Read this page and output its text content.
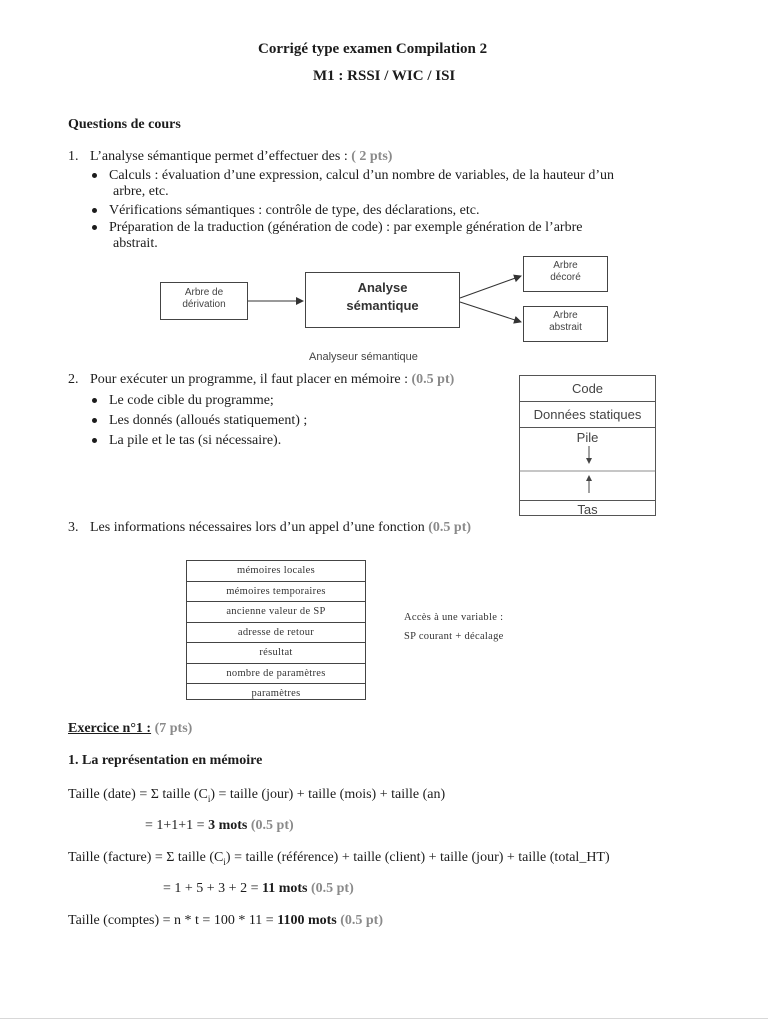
Corrigé type examen Compilation 2
M1 : RSSI / WIC / ISI
Questions de cours
1. L’analyse sémantique permet d’effectuer des : ( 2 pts)
Calculs : évaluation d’une expression, calcul d’un nombre de variables, de la hauteur d’un
arbre, etc.
Vérifications sémantiques : contrôle de type, des déclarations, etc.
Préparation de la traduction (génération de code) : par exemple génération de l’arbre
abstrait.
Arbre de
dérivation
Analyse
sémantique
Arbre
décoré
Arbre
abstrait
Analyseur sémantique
2. Pour exécuter un programme, il faut placer en mémoire : (0.5 pt)
Le code cible du programme;
Les donnés (alloués statiquement) ;
La pile et le tas (si nécessaire).
Code
Données statiques
Pile
Tas
3. Les informations nécessaires lors d’un appel d’une fonction (0.5 pt)
mémoires locales
mémoires temporaires
ancienne valeur de SP
adresse de retour
résultat
nombre de paramètres
paramètres
Accès à une variable :
SP courant + décalage
Exercice n°1 : (7 pts)
1. La représentation en mémoire
Taille (date) = Σ taille $(C_i)$ = taille (jour) + taille (mois) + taille (an)
= 1+1+1 = 3 mots (0.5 pt)
Taille (facture) = Σ taille $(C_i)$ = taille (référence) + taille (client) + taille (jour) + taille (total_HT)
= 1 + 5 + 3 + 2 = 11 mots (0.5 pt)
Taille (comptes) = n * t = 100 * 11 = 1100 mots (0.5 pt)
